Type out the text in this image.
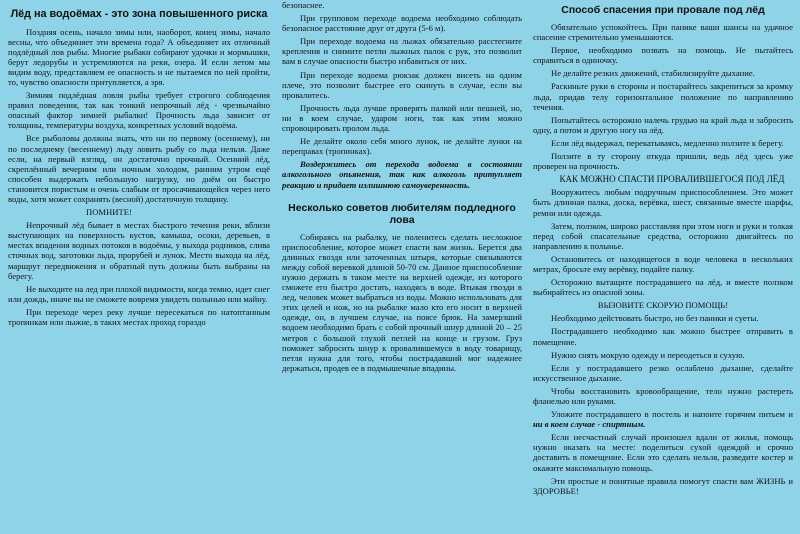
Лёд на водоёмах - это зона повышенного риска

Поздняя осень, начало зимы или, наоборот, конец зимы, начало весны, что объединяет эти времена года? А объединяет их отличный подлёдный лов рыбы. Многие рыбаки собирают удочки и мормышки, берут ледорубы и устремляются на реки, озера. И если летом мы видим воду, представляем ее опасность и не пытаемся по ней пройти, то, чувство опасности притупляется, а зря.

Зимняя подлёдная ловля рыбы требует строгого соблюдения правил поведения, так как тонкий непрочный лёд - чрезвычайно опасный фактор зимней рыбалки! Прочность льда зависит от толщины, температуры воздуха, конкретных условий водоёма.

Все рыболовы должны знать, что ни по первому (осеннему), ни по последнему (весеннему) льду ловить рыбу со льда нельзя. Даже если, на первый взгляд, он достаточно прочный. Осенний лёд, скреплённый вечерним или ночным холодом, ранним утром ещё способен выдержать небольшую нагрузку, но днём он быстро становится пористым и очень слабым от просачивающейся через него воды, хотя может сохранять (весной) достаточную толщину.

ПОМНИТЕ!

Непрочный лёд бывает в местах быстрого течения реки, вблизи выступающих на поверхность кустов, камыша, осоки, деревьев, в местах впадения водных потоков в водоёмы, у выхода родников, слива сточных вод, заготовки льда, прорубей и лунок. Место выхода на лёд, маршрут передвижения и обратный путь должны быть выбраны на берегу.

Не выходите на лед при плохой видимости, когда темно, идет снег или дождь, иначе вы не сможете вовремя увидеть полынью или майну.

При переходе через реку лучше пересекаться по натоптанным тропинкам или лыжне, в таких местах проход гораздо

безопаснее.

При групповом переходе водоема необходимо соблюдать безопасное расстояние друг от друга (5-6 м).

При переходе водоема на лыжах обязательно расстегните крепления и снимите петли лыжных палок с рук, это позволит вам в случае опасности быстро избавиться от них.

При переходе водоема рюкзак должен висеть на одном плече, это позволит быстрее его скинуть в случае, если вы провалитесь.

Прочность льда лучше проверять палкой или пешней, но, ни в коем случае, ударом ноги, так как этим можно спровоцировать пролом льда.

Не делайте около себя много лунок, не делайте лунки на переправах (тропинках).

Воздержитесь от перехода водоема в состоянии алкогольного опьянения, так как алкоголь притупляет реакцию и придает излишнюю самоуверенность.

Несколько советов любителям подледного лова

Собираясь на рыбалку, не поленитесь сделать несложное приспособление, которое может спасти вам жизнь. Берется два длинных гвоздя или заточенных штыря, которые связываются между собой веревкой длиной 50-70 см. Данное приспособление нужно держать в таком месте на верхней одежде, из которого сможете его быстро достать, находясь в воде. Втыкая гвозди в лед, человек может выбраться из воды. Можно использовать для этих целей и нож, но на рыбалке мало кто его носит в верхней одежде, он, в лучшем случае, на поясе брюк. На замерзший водоем необходимо брать с собой прочный шнур длиной 20 – 25 метров с большой глухой петлей на конце и грузом. Груз поможет забросить шнур к провалившемуся в воду товарищу, петля нужна для того, чтобы пострадавший мог надежнее держаться, продев ее в подмышечные впадины.

Способ спасения при провале под лёд

Обязательно успокойтесь. При панике ваши шансы на удачное спасение стремительно уменьшаются.

Первое, необходимо позвать на помощь. Не пытайтесь справиться в одиночку.

Не делайте резких движений, стабилизируйте дыхание.

Раскиньте руки в стороны и постарайтесь закрепиться за кромку льда, придав телу горизонтальное положение по направлению течения.

Попытайтесь осторожно налечь грудью на край льда и забросить одну, а потом и другую ногу на лёд.

Если лёд выдержал, перекатываясь, медленно ползите к берегу.

Ползите в ту сторону откуда пришли, ведь лёд здесь уже проверен на прочность.

КАК МОЖНО СПАСТИ ПРОВАЛИВШЕГОСЯ ПОД ЛЁД

Вооружитесь любым подручным приспособлением. Это может быть длинная палка, доска, верёвка, шест, связанные вместе шарфы, ремни или одежда.

Затем, ползком, широко расставляя при этом ноги и руки и толкая перед собой спасательные средства, осторожно двигайтесь по направлению к полынье.

Остановитесь от находящегося в воде человека в нескольких метрах, бросьте ему верёвку, подайте палку.

Осторожно вытащите пострадавшего на лёд, и вместе ползком выбирайтесь из опасной зоны.

ВЫЗОВИТЕ СКОРУЮ ПОМОЩЬ!

Необходимо действовать быстро, но без паники и суеты.

Пострадавшего необходимо как можно быстрее отправить в помещение.

Нужно снять мокрую одежду и переодеться в сухую.

Если у пострадавшего резко ослаблено дыхание, сделайте искусственное дыхание.

Чтобы восстановить кровообращение, тело нужно растереть фланелью или руками.

Уложите пострадавшего в постель и напоите горячим питьем и ни в коем случае - спиртным.

Если несчастный случай произошел вдали от жилья, помощь нужно оказать на месте: поделиться сухой одеждой и срочно доставить в помещение. Если это сделать нельзя, разведите костер и окажите максимальную помощь.

Эти простые и понятные правила помогут спасти вам ЖИЗНЬ и ЗДОРОВЬЕ!
